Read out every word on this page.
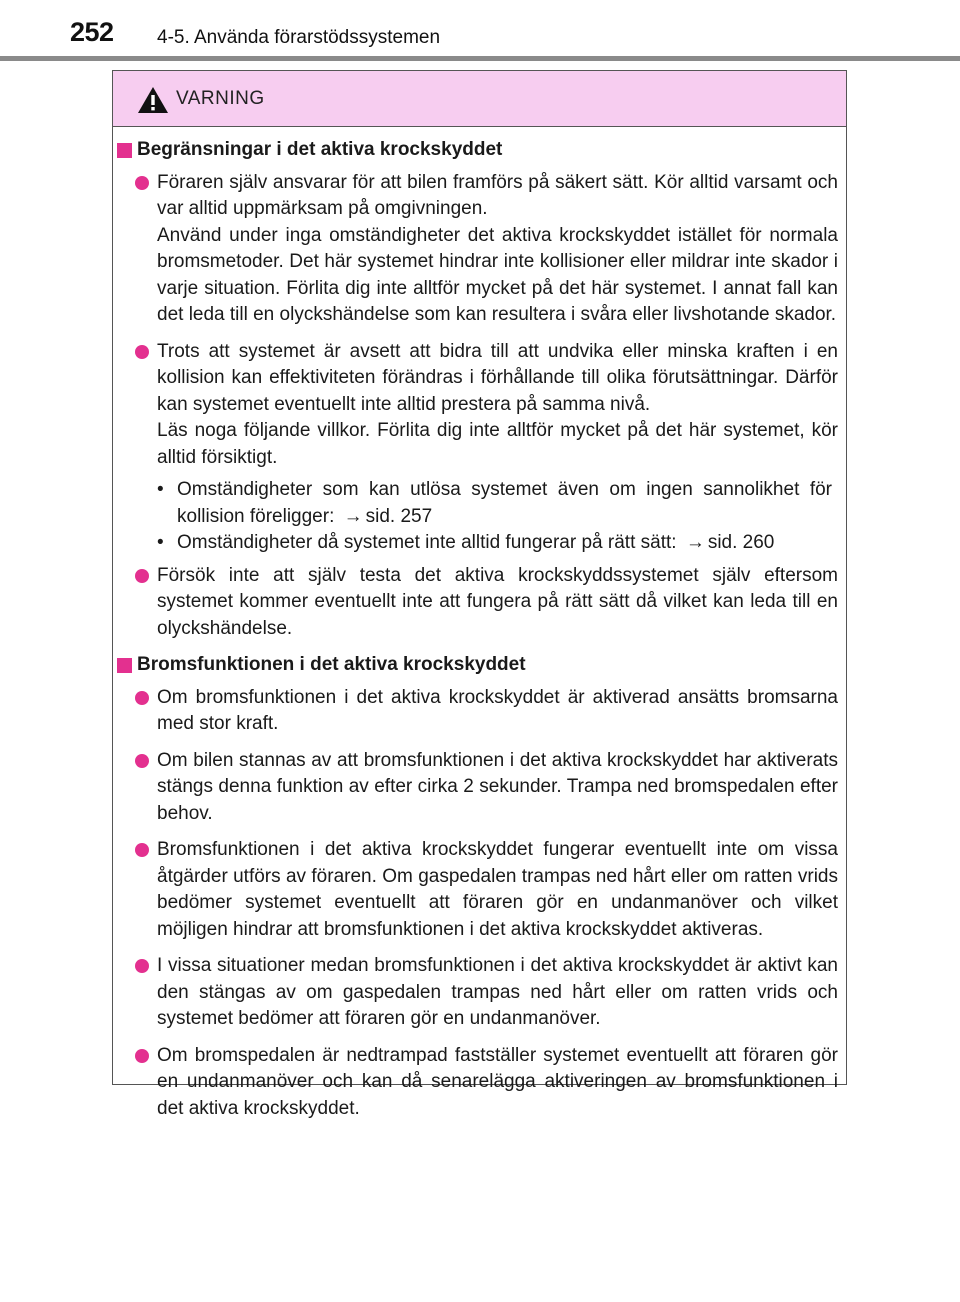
252 4-5. Använda förarstödssystemen
VARNING
Begränsningar i det aktiva krockskyddet

Föraren själv ansvarar för att bilen framförs på säkert sätt. Kör alltid varsamt och var alltid uppmärksam på omgivningen.

Använd under inga omständigheter det aktiva krockskyddet istället för normala bromsmetoder. Det här systemet hindrar inte kollisioner eller mildrar inte skador i varje situation. Förlita dig inte alltför mycket på det här systemet. I annat fall kan det leda till en olyckshändelse som kan resultera i svåra eller livshotande skador.

Trots att systemet är avsett att bidra till att undvika eller minska kraften i en kollision kan effektiviteten förändras i förhållande till olika förutsättningar. Därför kan systemet eventuellt inte alltid prestera på samma nivå.

Läs noga följande villkor. Förlita dig inte alltför mycket på det här systemet, kör alltid försiktigt.

• Omständigheter som kan utlösa systemet även om ingen sannolikhet för kollision föreligger: → sid. 257
• Omständigheter då systemet inte alltid fungerar på rätt sätt: → sid. 260

Försök inte att själv testa det aktiva krockskyddssystemet själv eftersom systemet kommer eventuellt inte att fungera på rätt sätt då vilket kan leda till en olyckshändelse.

Bromsfunktionen i det aktiva krockskyddet

Om bromsfunktionen i det aktiva krockskyddet är aktiverad ansätts bromsarna med stor kraft.

Om bilen stannas av att bromsfunktionen i det aktiva krockskyddet har aktiverats stängs denna funktion av efter cirka 2 sekunder. Trampa ned bromspedalen efter behov.

Bromsfunktionen i det aktiva krockskyddet fungerar eventuellt inte om vissa åtgärder utförs av föraren. Om gaspedalen trampas ned hårt eller om ratten vrids bedömer systemet eventuellt att föraren gör en undanmanöver och vilket möjligen hindrar att bromsfunktionen i det aktiva krockskyddet aktiveras.

I vissa situationer medan bromsfunktionen i det aktiva krockskyddet är aktivt kan den stängas av om gaspedalen trampas ned hårt eller om ratten vrids och systemet bedömer att föraren gör en undanmanöver.

Om bromspedalen är nedtrampad fastställer systemet eventuellt att föraren gör en undanmanöver och kan då senarelägga aktiveringen av bromsfunktionen i det aktiva krockskyddet.
